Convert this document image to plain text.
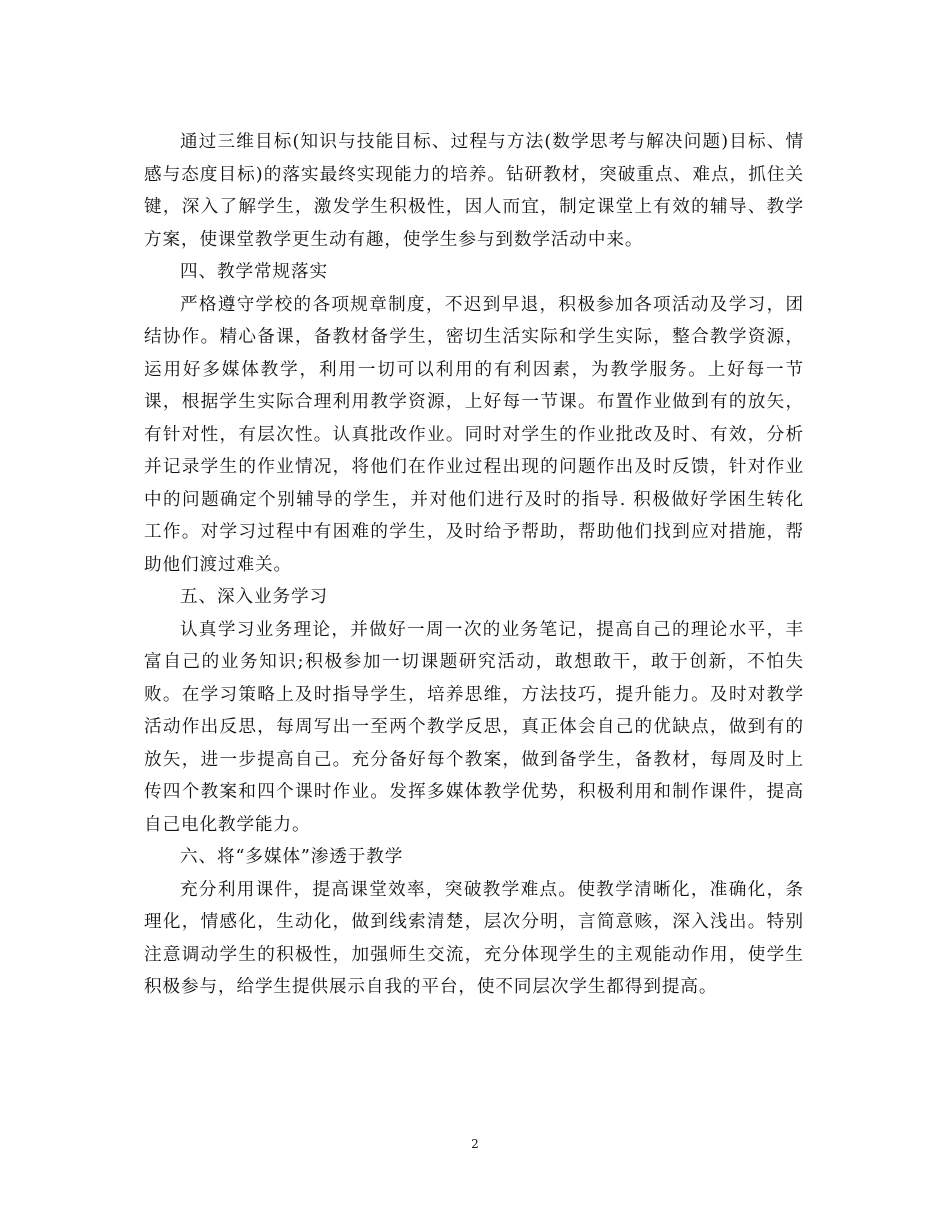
通过三维目标(知识与技能目标、过程与方法(数学思考与解决问题)目标、情感与态度目标)的落实最终实现能力的培养。钻研教材，突破重点、难点，抓住关键，深入了解学生，激发学生积极性，因人而宜，制定课堂上有效的辅导、教学方案，使课堂教学更生动有趣，使学生参与到数学活动中来。

四、教学常规落实

严格遵守学校的各项规章制度，不迟到早退，积极参加各项活动及学习，团结协作。精心备课，备教材备学生，密切生活实际和学生实际，整合教学资源，运用好多媒体教学，利用一切可以利用的有利因素，为教学服务。上好每一节课，根据学生实际合理利用教学资源，上好每一节课。布置作业做到有的放矢，有针对性，有层次性。认真批改作业。同时对学生的作业批改及时、有效，分析并记录学生的作业情况，将他们在作业过程出现的问题作出及时反馈，针对作业中的问题确定个别辅导的学生，并对他们进行及时的指导. 积极做好学困生转化工作。对学习过程中有困难的学生，及时给予帮助，帮助他们找到应对措施，帮助他们渡过难关。

五、深入业务学习

认真学习业务理论，并做好一周一次的业务笔记，提高自己的理论水平，丰富自己的业务知识;积极参加一切课题研究活动，敢想敢干，敢于创新，不怕失败。在学习策略上及时指导学生，培养思维，方法技巧，提升能力。及时对教学活动作出反思，每周写出一至两个教学反思，真正体会自己的优缺点，做到有的放矢，进一步提高自己。充分备好每个教案，做到备学生，备教材，每周及时上传四个教案和四个课时作业。发挥多媒体教学优势，积极利用和制作课件，提高自己电化教学能力。

六、将“多媒体”渗透于教学

充分利用课件，提高课堂效率，突破教学难点。使教学清晰化，准确化，条理化，情感化，生动化，做到线索清楚，层次分明，言简意赅，深入浅出。特别注意调动学生的积极性，加强师生交流，充分体现学生的主观能动作用，使学生积极参与，给学生提供展示自我的平台，使不同层次学生都得到提高。

2
